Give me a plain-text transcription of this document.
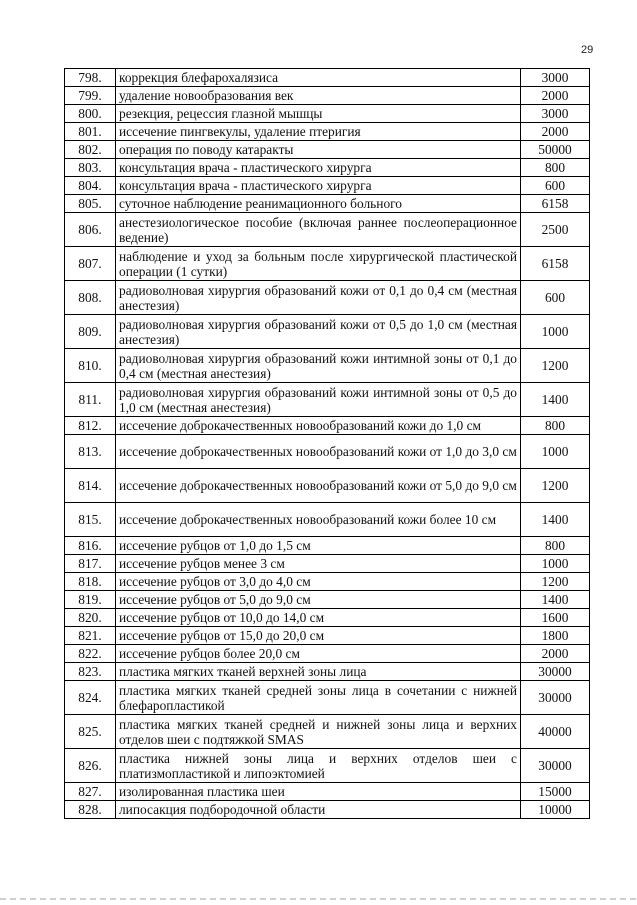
29
798.	коррекция блефарохалязиса	3000
799.	удаление новообразования век	2000
800.	резекция, рецессия глазной мышцы	3000
801.	иссечение пингвекулы, удаление птеригия	2000
802.	операция по поводу катаракты	50000
803.	консультация врача - пластического хирурга	800
804.	консультация врача - пластического хирурга	600
805.	суточное наблюдение реанимационного больного	6158
806.	анестезиологическое пособие (включая раннее послеоперационное ведение)	2500
807.	наблюдение и уход за больным после хирургической пластической операции (1 сутки)	6158
808.	радиоволновая хирургия образований кожи от 0,1 до 0,4 см (местная анестезия)	600
809.	радиоволновая хирургия образований кожи от 0,5 до 1,0 см (местная анестезия)	1000
810.	радиоволновая хирургия образований кожи интимной зоны от 0,1 до 0,4 см (местная анестезия)	1200
811.	радиоволновая хирургия образований кожи интимной зоны от 0,5 до 1,0 см (местная анестезия)	1400
812.	иссечение доброкачественных новообразований кожи до 1,0 см	800
813.	иссечение доброкачественных новообразований кожи от 1,0 до 3,0 см	1000
814.	иссечение доброкачественных новообразований кожи от 5,0 до 9,0 см	1200
815.	иссечение доброкачественных новообразований кожи более 10 см	1400
816.	иссечение рубцов от 1,0 до 1,5 см	800
817.	иссечение рубцов менее 3 см	1000
818.	иссечение рубцов от 3,0 до 4,0 см	1200
819.	иссечение рубцов от 5,0 до 9,0 см	1400
820.	иссечение рубцов от 10,0 до 14,0 см	1600
821.	иссечение рубцов от 15,0 до 20,0 см	1800
822.	иссечение рубцов более 20,0 см	2000
823.	пластика мягких тканей верхней зоны лица	30000
824.	пластика мягких тканей средней зоны лица в сочетании с нижней блефаропластикой	30000
825.	пластика мягких тканей средней и нижней зоны лица и верхних отделов шеи с подтяжкой SMAS	40000
826.	пластика нижней зоны лица и верхних отделов шеи с платизмопластикой и липоэктомией	30000
827.	изолированная пластика шеи	15000
828.	липосакция подбородочной области	10000
